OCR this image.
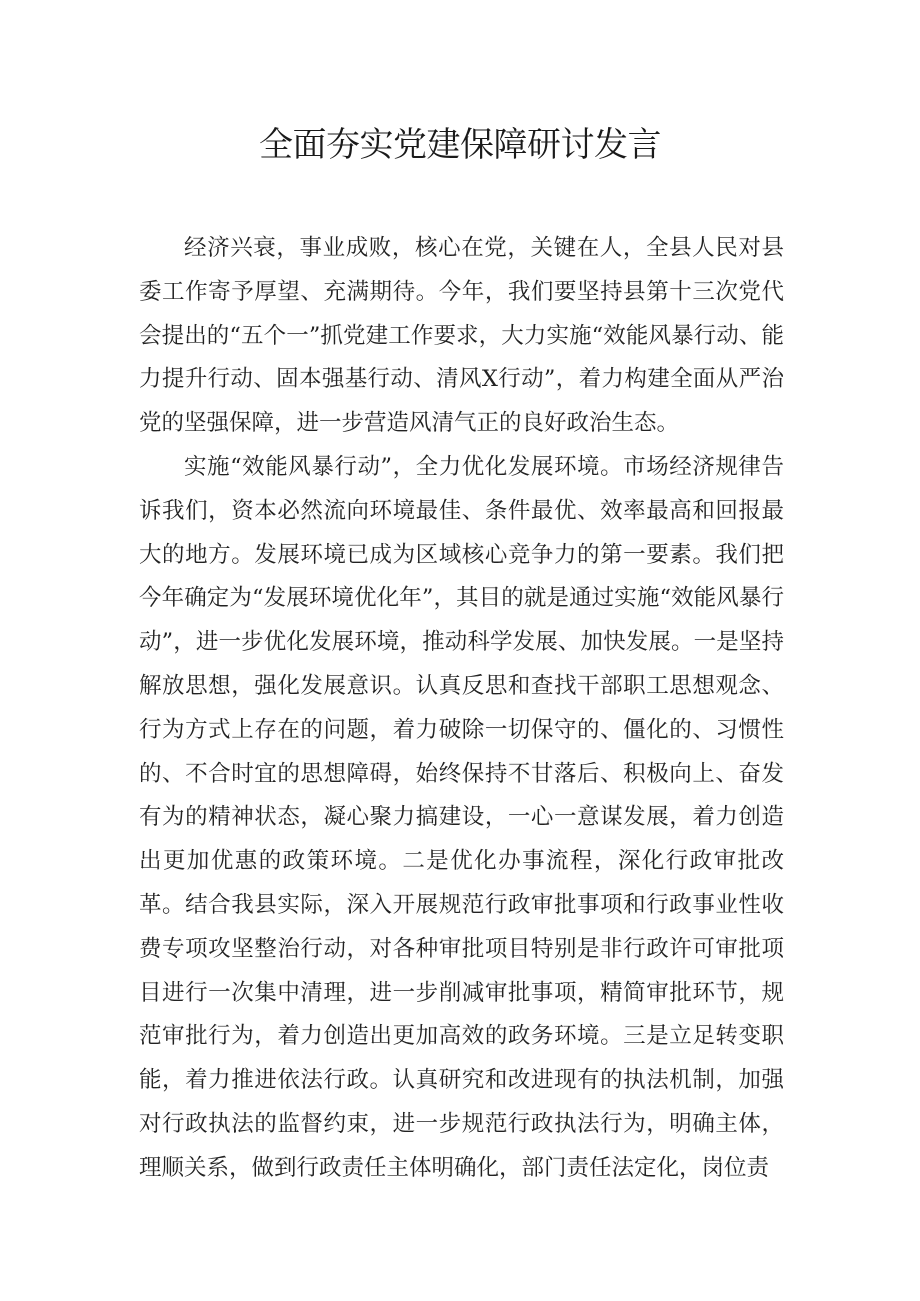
全面夯实党建保障研讨发言

经济兴衰，事业成败，核心在党，关键在人，全县人民对县委工作寄予厚望、充满期待。今年，我们要坚持县第十三次党代会提出的“五个一”抓党建工作要求，大力实施“效能风暴行动、能力提升行动、固本强基行动、清风X行动”，着力构建全面从严治党的坚强保障，进一步营造风清气正的良好政治生态。

实施“效能风暴行动”，全力优化发展环境。市场经济规律告诉我们，资本必然流向环境最佳、条件最优、效率最高和回报最大的地方。发展环境已成为区域核心竞争力的第一要素。我们把今年确定为“发展环境优化年”，其目的就是通过实施“效能风暴行动”，进一步优化发展环境，推动科学发展、加快发展。一是坚持解放思想，强化发展意识。认真反思和查找干部职工思想观念、行为方式上存在的问题，着力破除一切保守的、僵化的、习惯性的、不合时宜的思想障碍，始终保持不甘落后、积极向上、奋发有为的精神状态，凝心聚力搞建设，一心一意谋发展，着力创造出更加优惠的政策环境。二是优化办事流程，深化行政审批改革。结合我县实际，深入开展规范行政审批事项和行政事业性收费专项攻坚整治行动，对各种审批项目特别是非行政许可审批项目进行一次集中清理，进一步削减审批事项，精简审批环节，规范审批行为，着力创造出更加高效的政务环境。三是立足转变职能，着力推进依法行政。认真研究和改进现有的执法机制，加强对行政执法的监督约束，进一步规范行政执法行为，明确主体，理顺关系，做到行政责任主体明确化，部门责任法定化，岗位责
